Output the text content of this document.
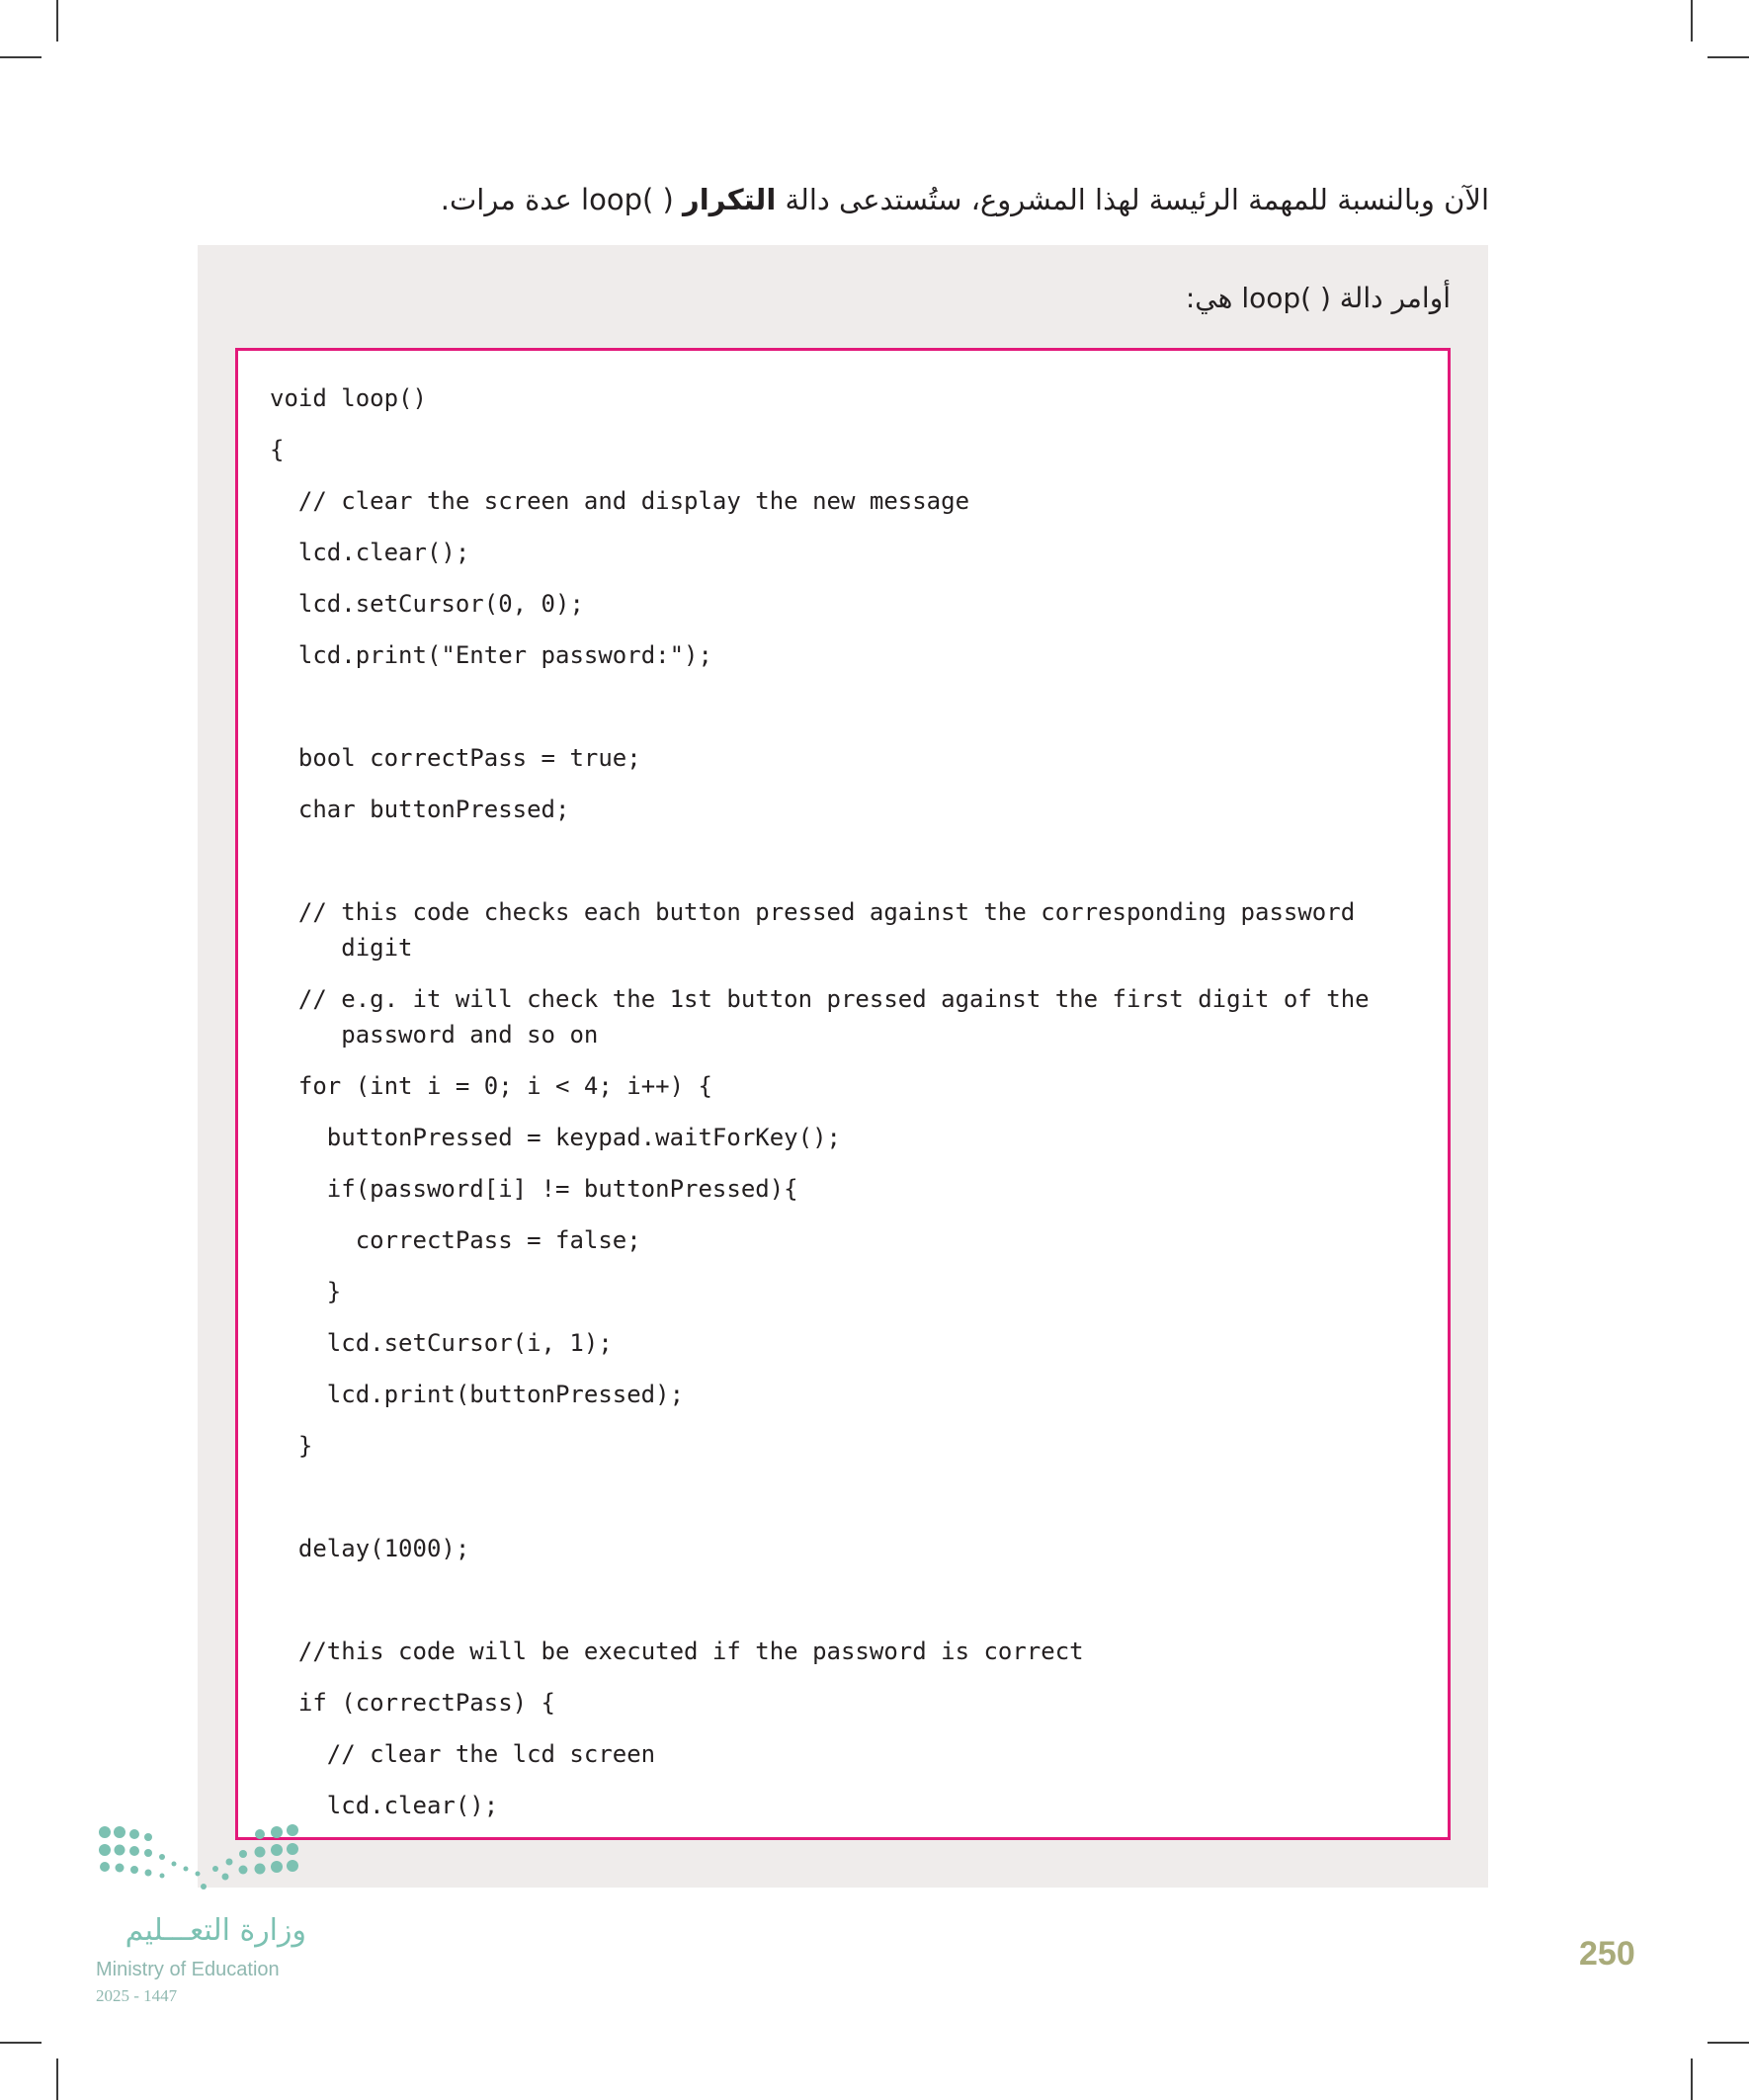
الآن وبالنسبة للمهمة الرئيسة لهذا المشروع، ستُستدعى دالة التكرار loop( ) عدة مرات.
أوامر دالة loop( ) هي:
void loop()
{
// clear the screen and display the new message
lcd.clear();
lcd.setCursor(0, 0);
lcd.print("Enter password:");
bool correctPass = true;
char buttonPressed;
// this code checks each button pressed against the corresponding password
digit
// e.g. it will check the 1st button pressed against the first digit of the
password and so on
for (int i = 0; i < 4; i++) {
buttonPressed = keypad.waitForKey();
if(password[i] != buttonPressed){
correctPass = false;
}
lcd.setCursor(i, 1);
lcd.print(buttonPressed);
}
delay(1000);
//this code will be executed if the password is correct
if (correctPass) {
// clear the lcd screen
lcd.clear();
وزارة التعـــليم
Ministry of Education
2025 - 1447
250
